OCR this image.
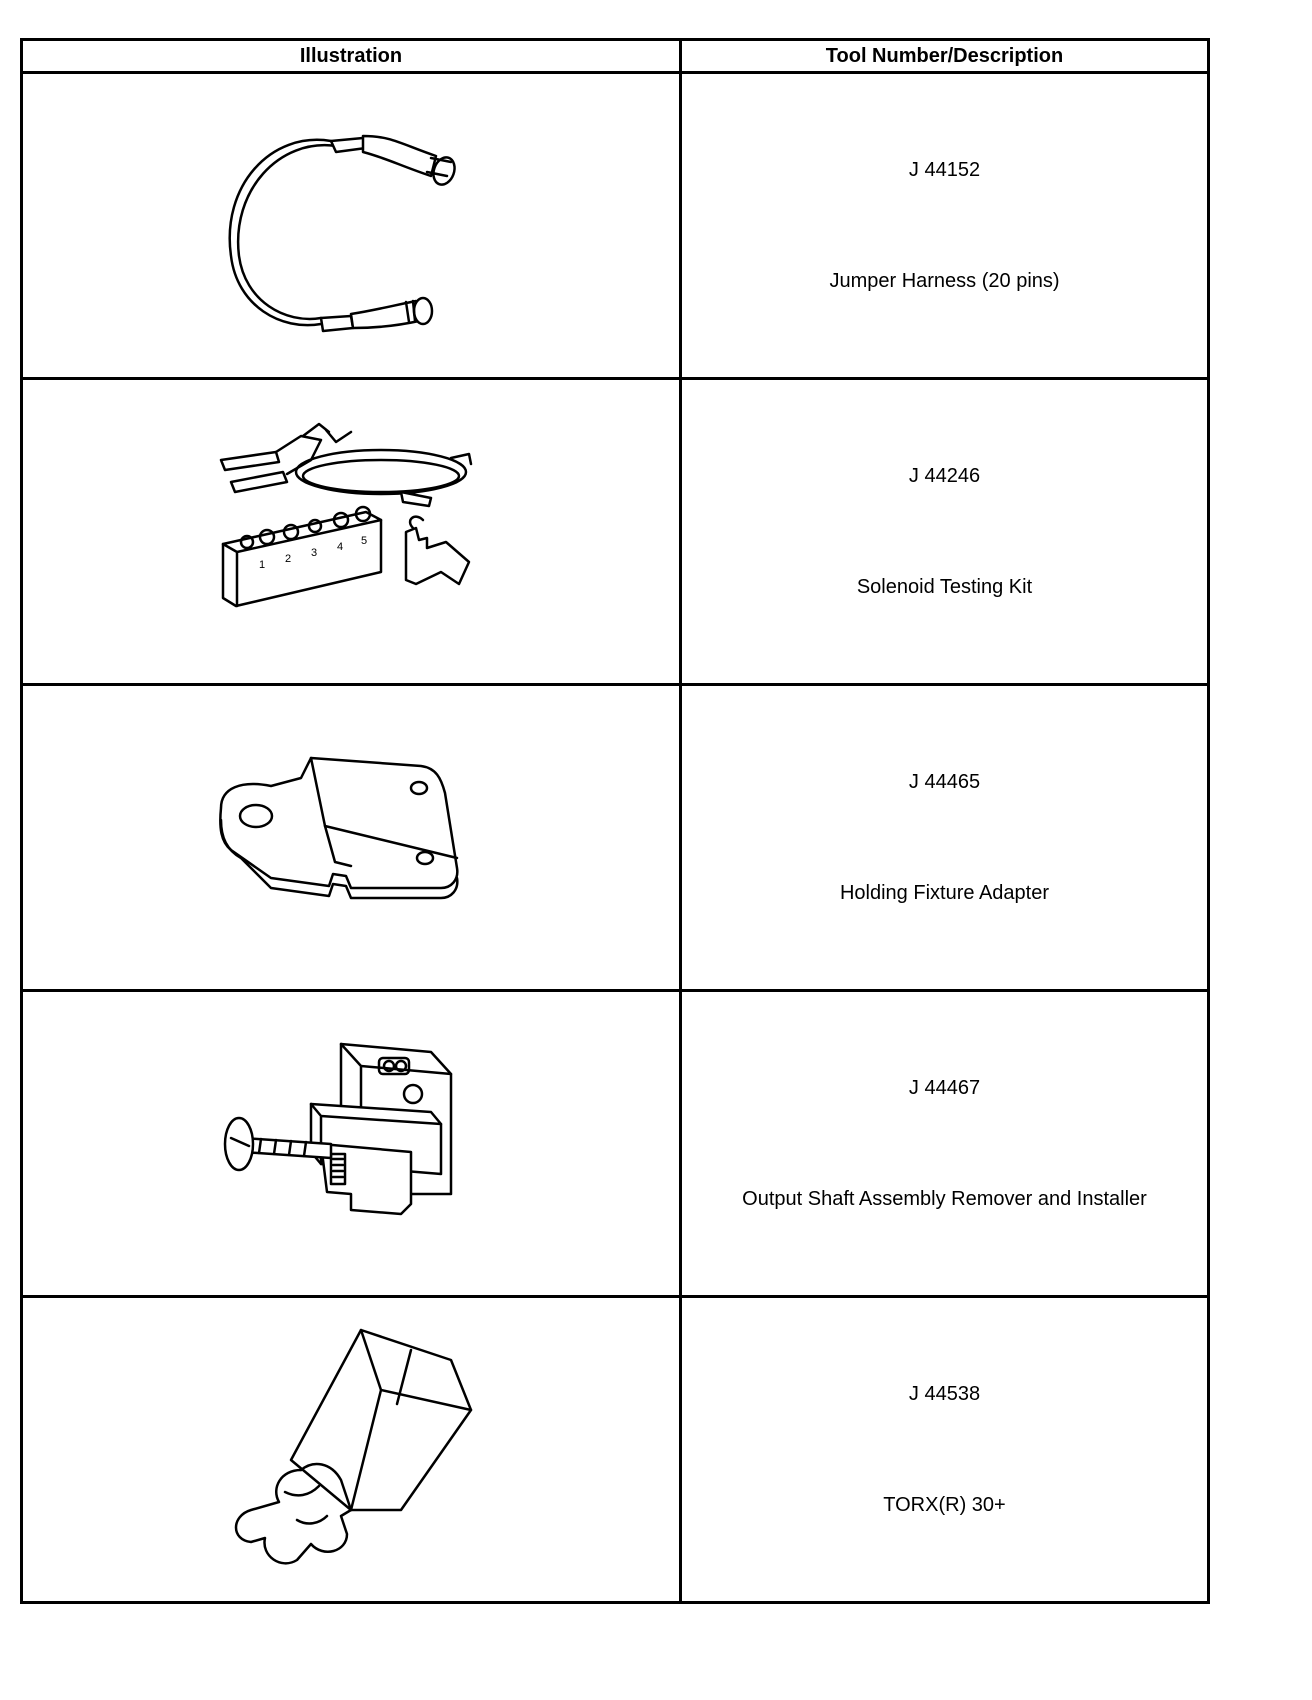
Illustration	Tool Number/Description

J 44152
Jumper Harness (20 pins)

1 2 3 4 5	J 44246
Solenoid Testing Kit

J 44465
Holding Fixture Adapter

J 44467
Output Shaft Assembly Remover and Installer

J 44538
TORX(R) 30+
